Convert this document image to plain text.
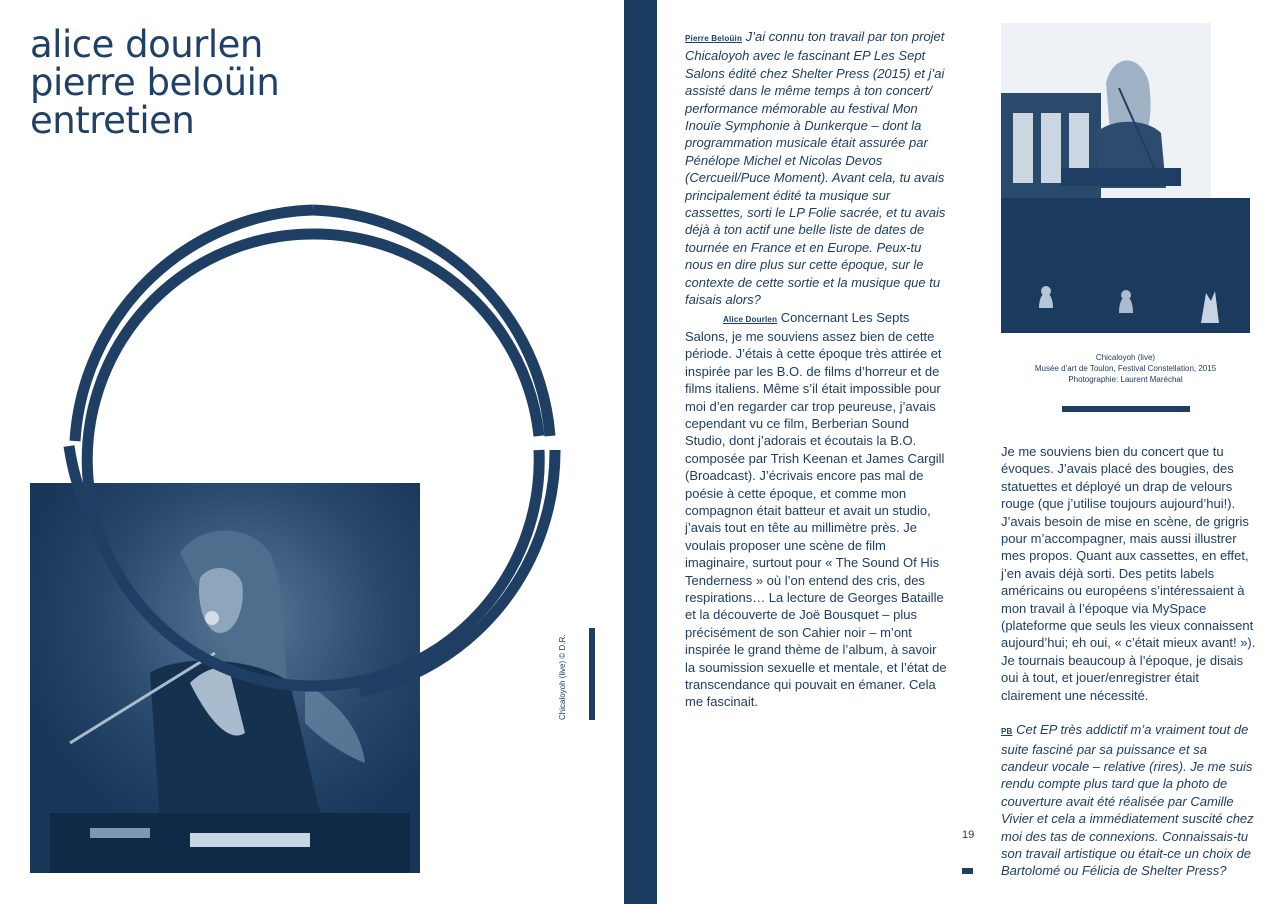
alice dourlen
pierre beloüin
entretien
Chicaloyoh (live) © D.R.

Pierre Beloüin J’ai connu ton travail par ton projet Chicaloyoh avec le fascinant EP Les Sept Salons édité chez Shelter Press (2015) et j’ai assisté dans le même temps à ton concert/ performance mémorable au festival Mon Inouïe Symphonie à Dunkerque – dont la programmation musicale était assurée par Pénélope Michel et Nicolas Devos (Cercueil/Puce Moment). Avant cela, tu avais principalement édité ta musique sur cassettes, sorti le LP Folie sacrée, et tu avais déjà à ton actif une belle liste de dates de tournée en France et en Europe. Peux-tu nous en dire plus sur cette époque, sur le contexte de cette sortie et la musique que tu faisais alors?

Alice Dourlen Concernant Les Septs Salons, je me souviens assez bien de cette période. J’étais à cette époque très attirée et inspirée par les B.O. de films d’horreur et de films italiens. Même s’il était impossible pour moi d’en regarder car trop peureuse, j’avais cependant vu ce film, Berberian Sound Studio, dont j’adorais et écoutais la B.O. composée par Trish Keenan et James Cargill (Broadcast). J’écrivais encore pas mal de poésie à cette époque, et comme mon compagnon était batteur et avait un studio, j’avais tout en tête au millimètre près. Je voulais proposer une scène de film imaginaire, surtout pour « The Sound Of His Tenderness » où l’on entend des cris, des respirations… La lecture de Georges Bataille et la découverte de Joë Bousquet – plus précisément de son Cahier noir – m’ont inspirée le grand thème de l’album, à savoir la soumission sexuelle et mentale, et l’état de transcendance qui pouvait en émaner. Cela me fascinait.

Chicaloyoh (live)
Musée d’art de Toulon, Festival Constellation, 2015
Photographie: Laurent Maréchal

Je me souviens bien du concert que tu évoques. J’avais placé des bougies, des statuettes et déployé un drap de velours rouge (que j’utilise toujours aujourd’hui!). J’avais besoin de mise en scène, de grigris pour m’accompagner, mais aussi illustrer mes propos. Quant aux cassettes, en effet, j’en avais déjà sorti. Des petits labels américains ou européens s’intéressaient à mon travail à l’époque via MySpace (plateforme que seuls les vieux connaissent aujourd’hui; eh oui, « c’était mieux avant! »). Je tournais beaucoup à l’époque, je disais oui à tout, et jouer/enregistrer était clairement une nécessité.

PB Cet EP très addictif m’a vraiment tout de suite fasciné par sa puissance et sa candeur vocale – relative (rires). Je me suis rendu compte plus tard que la photo de couverture avait été réalisée par Camille Vivier et cela a immédiatement suscité chez moi des tas de connexions. Connaissais-tu son travail artistique ou était-ce un choix de Bartolomé ou Félicia de Shelter Press?

19
